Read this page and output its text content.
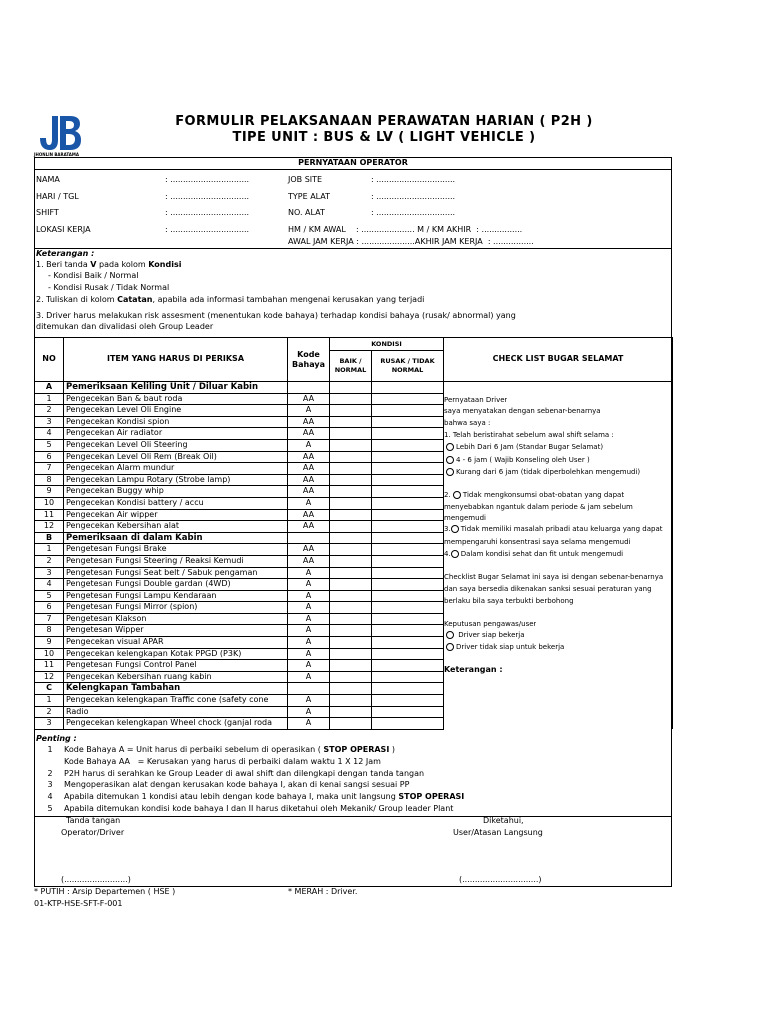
JHONLIN BARATAMA
FORMULIR PELAKSANAAN PERAWATAN HARIAN ( P2H )
TIPE UNIT : BUS & LV ( LIGHT VEHICLE )
PERNYATAAN OPERATOR
NAMA	: ...............................
HARI / TGL	: ...............................
SHIFT	: ...............................
LOKASI KERJA	: ...............................
JOB SITE	: ...............................
TYPE ALAT	: ...............................
NO. ALAT	: ...............................
HM / KM AWAL    : ..................... M / KM AKHIR  : ................
AWAL JAM KERJA : .....................AKHIR JAM KERJA  : ................
Keterangan :
1. Beri tanda V pada kolom Kondisi
- Kondisi Baik / Normal
- Kondisi Rusak / Tidak Normal
2. Tuliskan di kolom Catatan, apabila ada informasi tambahan mengenai kerusakan yang terjadi
3. Driver harus melakukan risk assesment (menentukan kode bahaya) terhadap kondisi bahaya (rusak/ abnormal) yang
ditemukan dan divalidasi oleh Group Leader
NO	ITEM YANG HARUS DI PERIKSA	Kode Bahaya	KONDISI		CHECK LIST BUGAR SELAMAT
			BAIK / NORMAL	RUSAK / TIDAK NORMAL	
A	Pemeriksaan Keliling Unit / Diluar Kabin				
1	Pengecekan Ban & baut roda	AA			
2	Pengecekan Level Oli Engine	A			
3	Pengecekan Kondisi spion	AA			
4	Pengecekan Air radiator	AA			
5	Pengecekan Level Oli Steering	A			
6	Pengecekan Level Oli Rem (Break Oil)	AA			
7	Pengecekan Alarm mundur	AA			
8	Pengecekan Lampu Rotary (Strobe lamp)	AA			
9	Pengecekan Buggy whip	AA			
10	Pengecekan Kondisi battery / accu	A			
11	Pengecekan Air wipper	AA			
12	Pengecekan Kebersihan alat	AA			
B	Pemeriksaan di dalam Kabin				
1	Pengetesan Fungsi Brake	AA			
2	Pengetesan Fungsi Steering / Reaksi Kemudi	AA			
3	Pengetesan Fungsi Seat belt / Sabuk pengaman	A			
4	Pengetesan Fungsi Double gardan (4WD)	A			
5	Pengetesan Fungsi Lampu Kendaraan	A			
6	Pengetesan Fungsi Mirror (spion)	A			
7	Pengetesan Klakson	A			
8	Pengetesan Wipper	A			
9	Pengecekan visual APAR	A			
10	Pengecekan kelengkapan Kotak PPGD (P3K)	A			
11	Pengetesan Fungsi Control Panel	A			
12	Pengecekan Kebersihan ruang kabin	A			
C	Kelengkapan Tambahan				
1	Pengecekan kelengkapan Traffic cone (safety cone	A			
2	Radio	A			
3	Pengecekan kelengkapan Wheel chock (ganjal roda	A			
Pernyataan Driver
saya menyatakan dengan sebenar-benarnya
bahwa saya :
1. Telah beristirahat sebelum awal shift selama :
Lebih Dari 6 Jam (Standar Bugar Selamat)
4 - 6 jam ( Wajib Konseling oleh User )
Kurang dari 6 jam (tidak diperbolehkan mengemudi)
2. Tidak mengkonsumsi obat-obatan yang dapat
menyebabkan ngantuk dalam periode & jam sebelum
mengemudi
3. Tidak memiliki masalah pribadi atau keluarga yang dapat
mempengaruhi konsentrasi saya selama mengemudi
4. Dalam kondisi sehat dan fit untuk mengemudi
Checklist Bugar Selamat ini saya isi dengan sebenar-benarnya
dan saya bersedia dikenakan sanksi sesuai peraturan yang
berlaku bila saya terbukti berbohong
Keputusan pengawas/user
Driver siap bekerja
Driver tidak siap untuk bekerja
Keterangan :
Penting :
1 Kode Bahaya A = Unit harus di perbaiki sebelum di operasikan ( STOP OPERASI )
Kode Bahaya AA   = Kerusakan yang harus di perbaiki dalam waktu 1 X 12 Jam
2 P2H harus di serahkan ke Group Leader di awal shift dan dilengkapi dengan tanda tangan
3 Mengoperasikan alat dengan kerusakan kode bahaya I, akan di kenai sangsi sesuai PP
4 Apabila ditemukan 1 kondisi atau lebih dengan kode bahaya I, maka unit langsung STOP OPERASI
5 Apabila ditemukan kondisi kode bahaya I dan II harus diketahui oleh Mekanik/ Group leader Plant
Tanda tangan
Operator/Driver
(.........................)
Diketahui,
User/Atasan Langsung
(..............................)
* PUTIH : Arsip Departemen ( HSE )	* MERAH : Driver.
01-KTP-HSE-SFT-F-001
